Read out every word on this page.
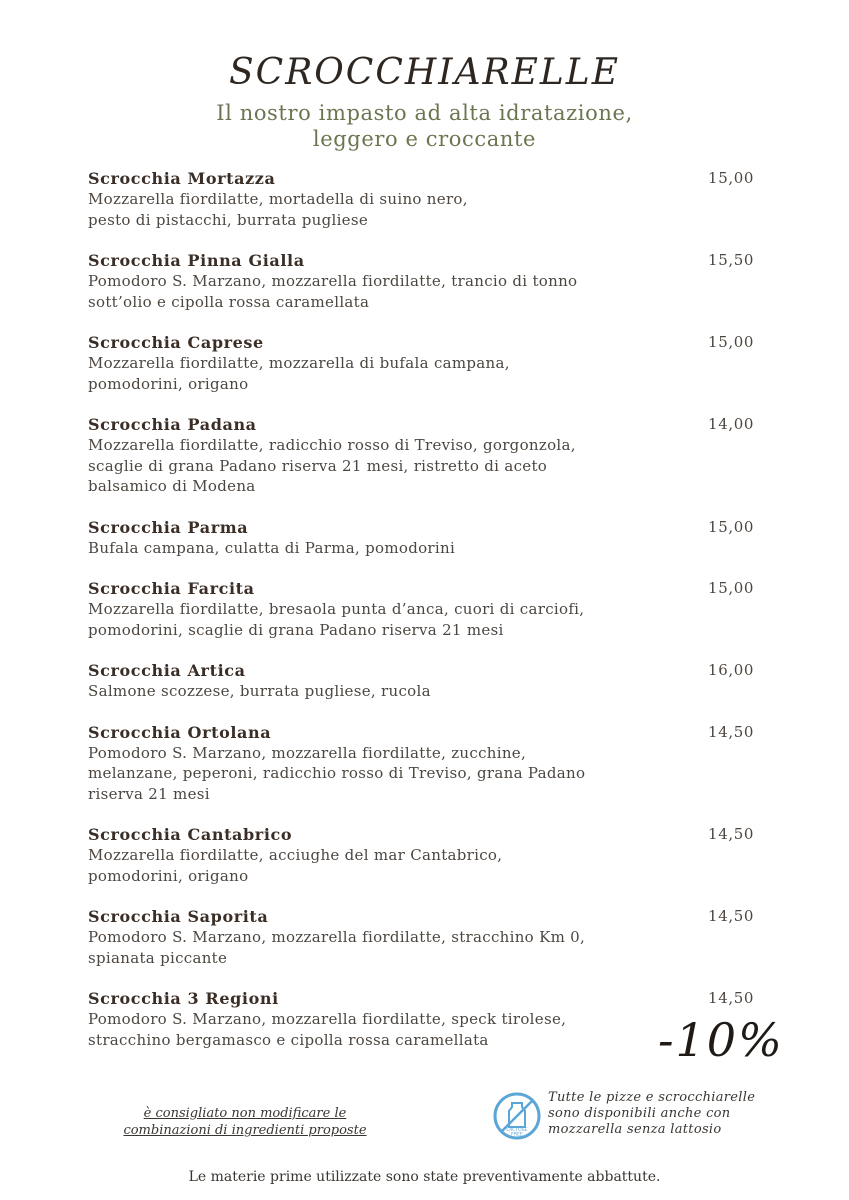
SCROCCHIARELLE
Il nostro impasto ad alta idratazione,
leggero e croccante
Scrocchia Mortazza	15,00
Mozzarella fiordilatte, mortadella di suino nero,
pesto di pistacchi, burrata pugliese
Scrocchia Pinna Gialla	15,50
Pomodoro S. Marzano, mozzarella fiordilatte, trancio di tonno
sott’olio e cipolla rossa caramellata
Scrocchia Caprese	15,00
Mozzarella fiordilatte, mozzarella di bufala campana,
pomodorini, origano
Scrocchia Padana	14,00
Mozzarella fiordilatte, radicchio rosso di Treviso, gorgonzola,
scaglie di grana Padano riserva 21 mesi, ristretto di aceto
balsamico di Modena
Scrocchia Parma	15,00
Bufala campana, culatta di Parma, pomodorini
Scrocchia Farcita	15,00
Mozzarella fiordilatte, bresaola punta d’anca, cuori di carciofi,
pomodorini, scaglie di grana Padano riserva 21 mesi
Scrocchia Artica	16,00
Salmone scozzese, burrata pugliese, rucola
Scrocchia Ortolana	14,50
Pomodoro S. Marzano, mozzarella fiordilatte, zucchine,
melanzane, peperoni, radicchio rosso di Treviso, grana Padano
riserva 21 mesi
Scrocchia Cantabrico	14,50
Mozzarella fiordilatte, acciughe del mar Cantabrico,
pomodorini, origano
Scrocchia Saporita	14,50
Pomodoro S. Marzano, mozzarella fiordilatte, stracchino Km 0,
spianata piccante
Scrocchia 3 Regioni	14,50
Pomodoro S. Marzano, mozzarella fiordilatte, speck tirolese,
stracchino bergamasco e cipolla rossa caramellata	-10%
è consigliato non modificare le
combinazioni di ingredienti proposte	LACTOSE
FREE
Tutte le pizze e scrocchiarelle
sono disponibili anche con
mozzarella senza lattosio
Le materie prime utilizzate sono state preventivamente abbattute.
